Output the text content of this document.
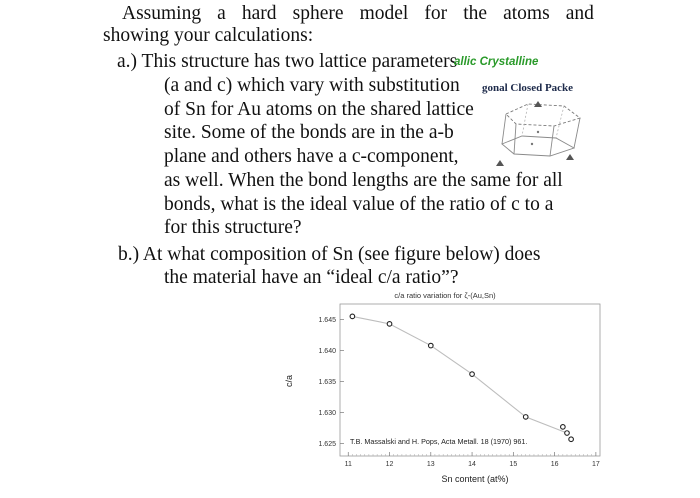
Assuming a hard sphere model for the atoms and
showing your calculations:
a.) This structure has two lattice parameters
(a and c) which vary with substitution
of Sn for Au atoms on the shared lattice
site. Some of the bonds are in the a-b
plane and others have a c-component,
as well. When the bond lengths are the same for all
bonds, what is the ideal value of the ratio of c to a
for this structure?
allic Crystalline
gonal Closed Packe
b.) At what composition of Sn (see figure below) does
the material have an “ideal c/a ratio”?
c/a ratio variation for ζ-(Au,Sn)
1.625
1.630
1.635
1.640
1.645
11	12	13	14	15	16	17
T.B. Massalski and H. Pops, Acta Metall. 18 (1970) 961.
c/a
Sn content (at%)
